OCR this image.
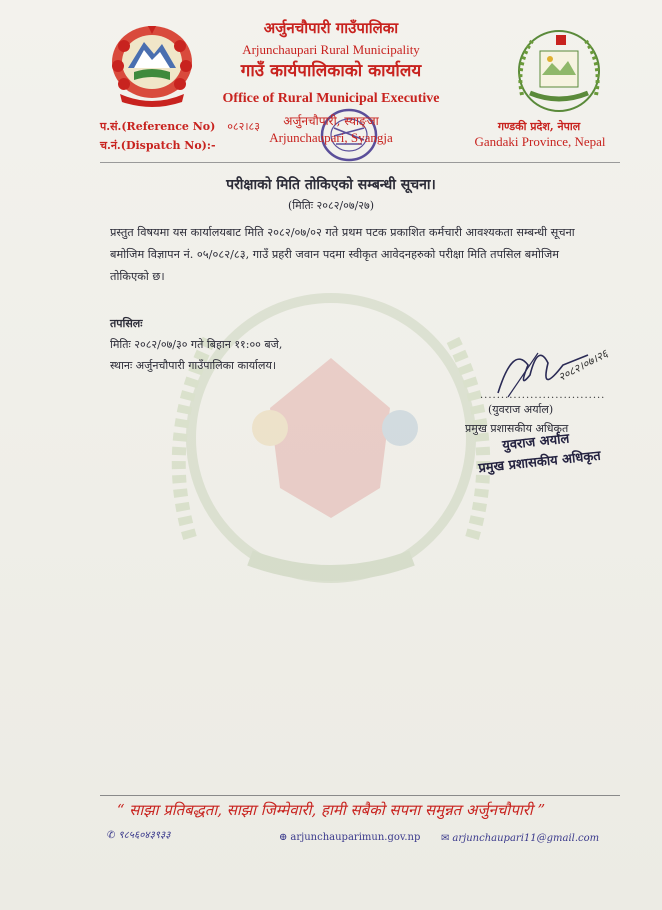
अर्जुनचौपारी गाउँपालिका
Arjunchaupari Rural Municipality
गाउँ कार्यपालिकाको कार्यालय
Office of Rural Municipal Executive
अर्जुनचौपारी, स्याङ्जा
Arjunchaupari, Syangja
प.सं.(Reference No) ०८२।८३
च.नं.(Dispatch No):-
गण्डकी प्रदेश, नेपाल
Gandaki Province, Nepal
परीक्षाको मिति तोकिएको सम्बन्धी सूचना।
(मितिः २०८२/०७/२७)
प्रस्तुत विषयमा यस कार्यालयबाट मिति २०८२/०७/०२ गते प्रथम पटक प्रकाशित कर्मचारी आवश्यकता सम्बन्धी सूचना बमोजिम विज्ञापन नं. ०५/०८२/८३, गाउँ प्रहरी जवान पदमा स्वीकृत आवेदनहरुको परीक्षा मिति तपसिल बमोजिम तोकिएको छ।
तपसिलः
मितिः २०८२/०७/३० गते बिहान ११:०० बजे,
स्थानः अर्जुनचौपारी गाउँपालिका कार्यालय।	२०८२।०७।२६
..............................
(युवराज अर्याल)
प्रमुख प्रशासकीय अधिकृत
युवराज अर्याल
प्रमुख प्रशासकीय अधिकृत
“ साझा प्रतिबद्धता, साझा जिम्मेवारी, हामी सबैको सपना समुन्नत अर्जुनचौपारी ”
✆ ९८५६०४३९३३	⊕ arjunchauparimun.gov.np ✉ arjunchaupari11@gmail.com
